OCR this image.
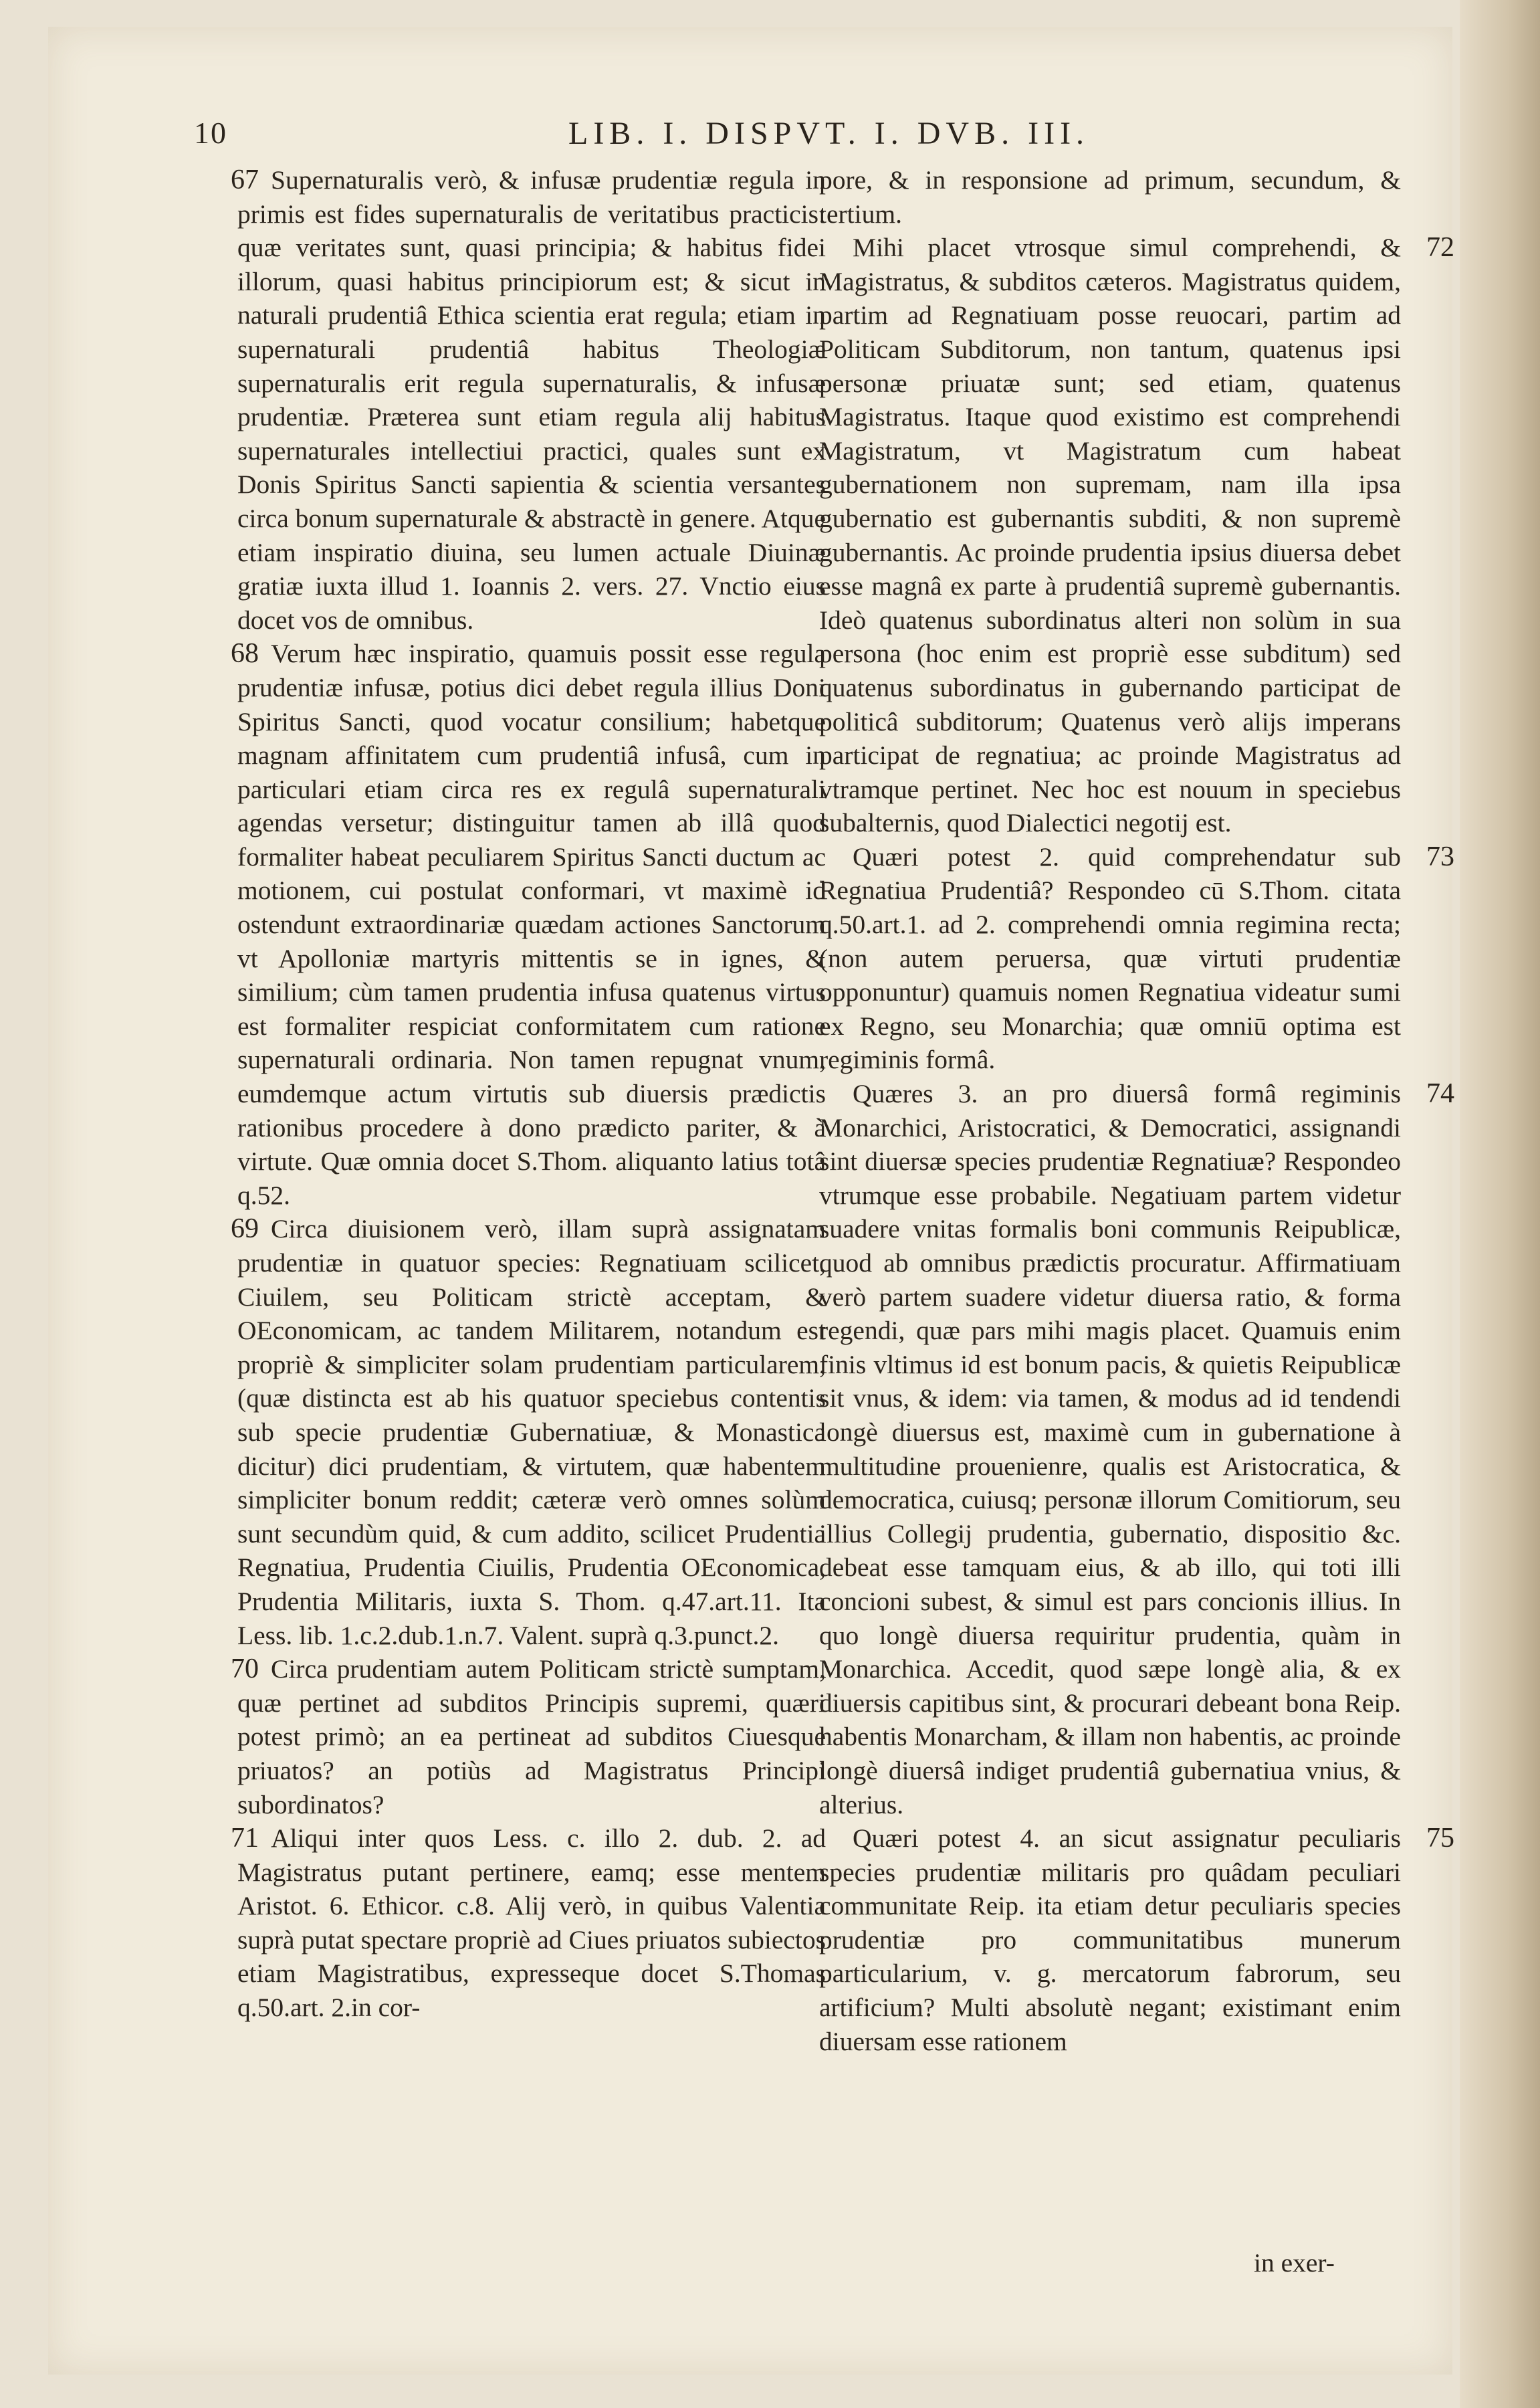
10	LIB. I. DISPVT. I. DVB. III.

67 Supernaturalis verò, & infusæ prudentiæ regula in primis est fides supernaturalis de veritatibus practicis: quæ veritates sunt, quasi principia; & habitus fidei illorum, quasi habitus principiorum est; & sicut in naturali prudentiâ Ethica scientia erat regula; etiam in supernaturali prudentiâ habitus Theologiæ supernaturalis erit regula supernaturalis, & infusæ prudentiæ. Præterea sunt etiam regula alij habitus supernaturales intellectiui practici, quales sunt ex Donis Spiritus Sancti sapientia & scientia versantes circa bonum supernaturale & abstractè in genere. Atque etiam inspiratio diuina, seu lumen actuale Diuinæ gratiæ iuxta illud 1. Ioannis 2. vers. 27. Vnctio eius docet vos de omnibus.

68 Verum hæc inspiratio, quamuis possit esse regula prudentiæ infusæ, potius dici debet regula illius Doni Spiritus Sancti, quod vocatur consilium; habetque magnam affinitatem cum prudentiâ infusâ, cum in particulari etiam circa res ex regulâ supernaturali agendas versetur; distinguitur tamen ab illâ quod formaliter habeat peculiarem Spiritus Sancti ductum ac motionem, cui postulat conformari, vt maximè id ostendunt extraordinariæ quædam actiones Sanctorum vt Apolloniæ martyris mittentis se in ignes, & similium; cùm tamen prudentia infusa quatenus virtus est formaliter respiciat conformitatem cum ratione supernaturali ordinaria. Non tamen repugnat vnum, eumdemque actum virtutis sub diuersis prædictis rationibus procedere à dono prædicto pariter, & à virtute. Quæ omnia docet S.Thom. aliquanto latius totâ q.52.

69 Circa diuisionem verò, illam suprà assignatam prudentiæ in quatuor species: Regnatiuam scilicet, Ciuilem, seu Politicam strictè acceptam, & OEconomicam, ac tandem Militarem, notandum est propriè & simpliciter solam prudentiam particularem, (quæ distincta est ab his quatuor speciebus contentis sub specie prudentiæ Gubernatiuæ, & Monastica dicitur) dici prudentiam, & virtutem, quæ habentem simpliciter bonum reddit; cæteræ verò omnes solùm sunt secundùm quid, & cum addito, scilicet Prudentia Regnatiua, Prudentia Ciuilis, Prudentia OEconomica, Prudentia Militaris, iuxta S. Thom. q.47.art.11. Ita Less. lib. 1.c.2.dub.1.n.7. Valent. suprà q.3.punct.2.

70 Circa prudentiam autem Politicam strictè sumptam, quæ pertinet ad subditos Principis supremi, quæri potest primò; an ea pertineat ad subditos Ciuesque priuatos? an potiùs ad Magistratus Principi subordinatos?

71 Aliqui inter quos Less. c. illo 2. dub. 2. ad Magistratus putant pertinere, eamq; esse mentem Aristot. 6. Ethicor. c.8. Alij verò, in quibus Valentia suprà putat spectare propriè ad Ciues priuatos subiectos etiam Magistratibus, expresseque docet S.Thomas q.50.art. 2.in cor-

pore, & in responsione ad primum, secundum, & tertium.

72
Mihi placet vtrosque simul comprehendi, & Magistratus, & subditos cæteros. Magistratus quidem, partim ad Regnatiuam posse reuocari, partim ad Politicam Subditorum, non tantum, quatenus ipsi personæ priuatæ sunt; sed etiam, quatenus Magistratus. Itaque quod existimo est comprehendi Magistratum, vt Magistratum cum habeat gubernationem non supremam, nam illa ipsa gubernatio est gubernantis subditi, & non supremè gubernantis. Ac proinde prudentia ipsius diuersa debet esse magnâ ex parte à prudentiâ supremè gubernantis. Ideò quatenus subordinatus alteri non solùm in sua persona (hoc enim est propriè esse subditum) sed quatenus subordinatus in gubernando participat de politicâ subditorum; Quatenus verò alijs imperans participat de regnatiua; ac proinde Magistratus ad vtramque pertinet. Nec hoc est nouum in speciebus subalternis, quod Dialectici negotij est.

73
Quæri potest 2. quid comprehendatur sub Regnatiua Prudentiâ? Respondeo cū S.Thom. citata q.50.art.1. ad 2. comprehendi omnia regimina recta; (non autem peruersa, quæ virtuti prudentiæ opponuntur) quamuis nomen Regnatiua videatur sumi ex Regno, seu Monarchia; quæ omniū optima est regiminis formâ.

74
Quæres 3. an pro diuersâ formâ regiminis Monarchici, Aristocratici, & Democratici, assignandi sint diuersæ species prudentiæ Regnatiuæ? Respondeo vtrumque esse probabile. Negatiuam partem videtur suadere vnitas formalis boni communis Reipublicæ, quod ab omnibus prædictis procuratur. Affirmatiuam verò partem suadere videtur diuersa ratio, & forma regendi, quæ pars mihi magis placet. Quamuis enim finis vltimus id est bonum pacis, & quietis Reipublicæ sit vnus, & idem: via tamen, & modus ad id tendendi longè diuersus est, maximè cum in gubernatione à multitudine prouenienre, qualis est Aristocratica, & democratica, cuiusq; personæ illorum Comitiorum, seu illius Collegij prudentia, gubernatio, dispositio &c. debeat esse tamquam eius, & ab illo, qui toti illi concioni subest, & simul est pars concionis illius. In quo longè diuersa requiritur prudentia, quàm in Monarchica. Accedit, quod sæpe longè alia, & ex diuersis capitibus sint, & procurari debeant bona Reip. habentis Monarcham, & illam non habentis, ac proinde longè diuersâ indiget prudentiâ gubernatiua vnius, & alterius.

75
Quæri potest 4. an sicut assignatur peculiaris species prudentiæ militaris pro quâdam peculiari communitate Reip. ita etiam detur peculiaris species prudentiæ pro communitatibus munerum particularium, v. g. mercatorum fabrorum, seu artificium? Multi absolutè negant; existimant enim diuersam esse rationem

in exer-
